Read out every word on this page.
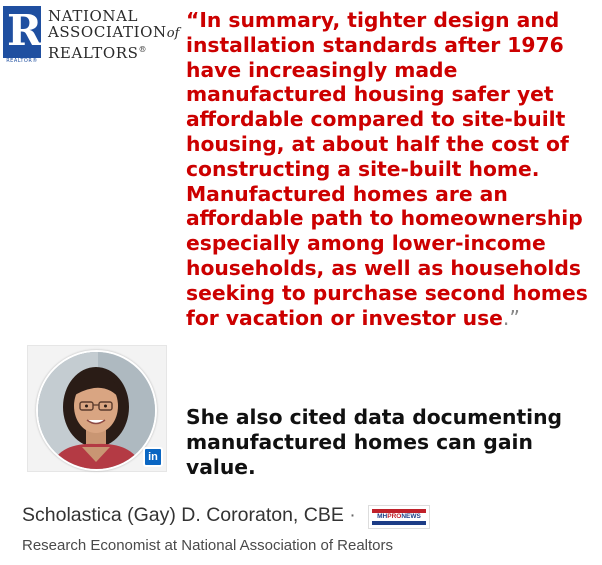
R
REALTOR®
NATIONAL
ASSOCIATIONof
REALTORS®
“In summary, tighter design and
installation standards after 1976
have increasingly made
manufactured housing safer yet
affordable compared to site-built
housing, at about half the cost of
constructing a site-built home.
Manufactured homes are an
affordable path to homeownership
especially among lower-income
households, as well as households
seeking to purchase second homes
for vacation or investor use.”
She also cited data documenting
manufactured homes can gain
value.
in
Scholastica (Gay) D. Cororaton, CBE ·	MHPRONEWS
Research Economist at National Association of Realtors
